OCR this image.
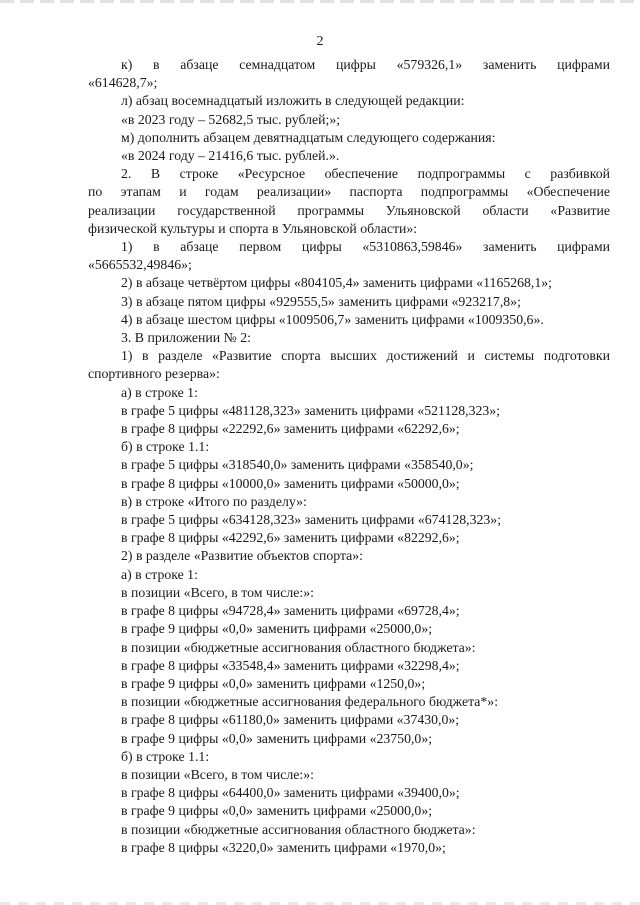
2

к) в абзаце семнадцатом цифры «579326,1» заменить цифрами

«614628,7»;

л) абзац восемнадцатый изложить в следующей редакции:

«в 2023 году – 52682,5 тыс. рублей;»;

м) дополнить абзацем девятнадцатым следующего содержания:

«в 2024 году – 21416,6 тыс. рублей.».

2. В строке «Ресурсное обеспечение подпрограммы с разбивкой

по этапам и годам реализации» паспорта подпрограммы «Обеспечение

реализации государственной программы Ульяновской области «Развитие

физической культуры и спорта в Ульяновской области»:

1) в абзаце первом цифры «5310863,59846» заменить цифрами

«5665532,49846»;

2) в абзаце четвёртом цифры «804105,4» заменить цифрами «1165268,1»;

3) в абзаце пятом цифры «929555,5» заменить цифрами «923217,8»;

4) в абзаце шестом цифры «1009506,7» заменить цифрами «1009350,6».

3. В приложении № 2:

1) в разделе «Развитие спорта высших достижений и системы подготовки

спортивного резерва»:

а) в строке 1:

в графе 5 цифры «481128,323» заменить цифрами «521128,323»;

в графе 8 цифры «22292,6» заменить цифрами «62292,6»;

б) в строке 1.1:

в графе 5 цифры «318540,0» заменить цифрами «358540,0»;

в графе 8 цифры «10000,0» заменить цифрами «50000,0»;

в) в строке «Итого по разделу»:

в графе 5 цифры «634128,323» заменить цифрами «674128,323»;

в графе 8 цифры «42292,6» заменить цифрами «82292,6»;

2) в разделе «Развитие объектов спорта»:

а) в строке 1:

в позиции «Всего, в том числе:»:

в графе 8 цифры «94728,4» заменить цифрами «69728,4»;

в графе 9 цифры «0,0» заменить цифрами «25000,0»;

в позиции «бюджетные ассигнования областного бюджета»:

в графе 8 цифры «33548,4» заменить цифрами «32298,4»;

в графе 9 цифры «0,0» заменить цифрами «1250,0»;

в позиции «бюджетные ассигнования федерального бюджета*»:

в графе 8 цифры «61180,0» заменить цифрами «37430,0»;

в графе 9 цифры «0,0» заменить цифрами «23750,0»;

б) в строке 1.1:

в позиции «Всего, в том числе:»:

в графе 8 цифры «64400,0» заменить цифрами «39400,0»;

в графе 9 цифры «0,0» заменить цифрами «25000,0»;

в позиции «бюджетные ассигнования областного бюджета»:

в графе 8 цифры «3220,0» заменить цифрами «1970,0»;
